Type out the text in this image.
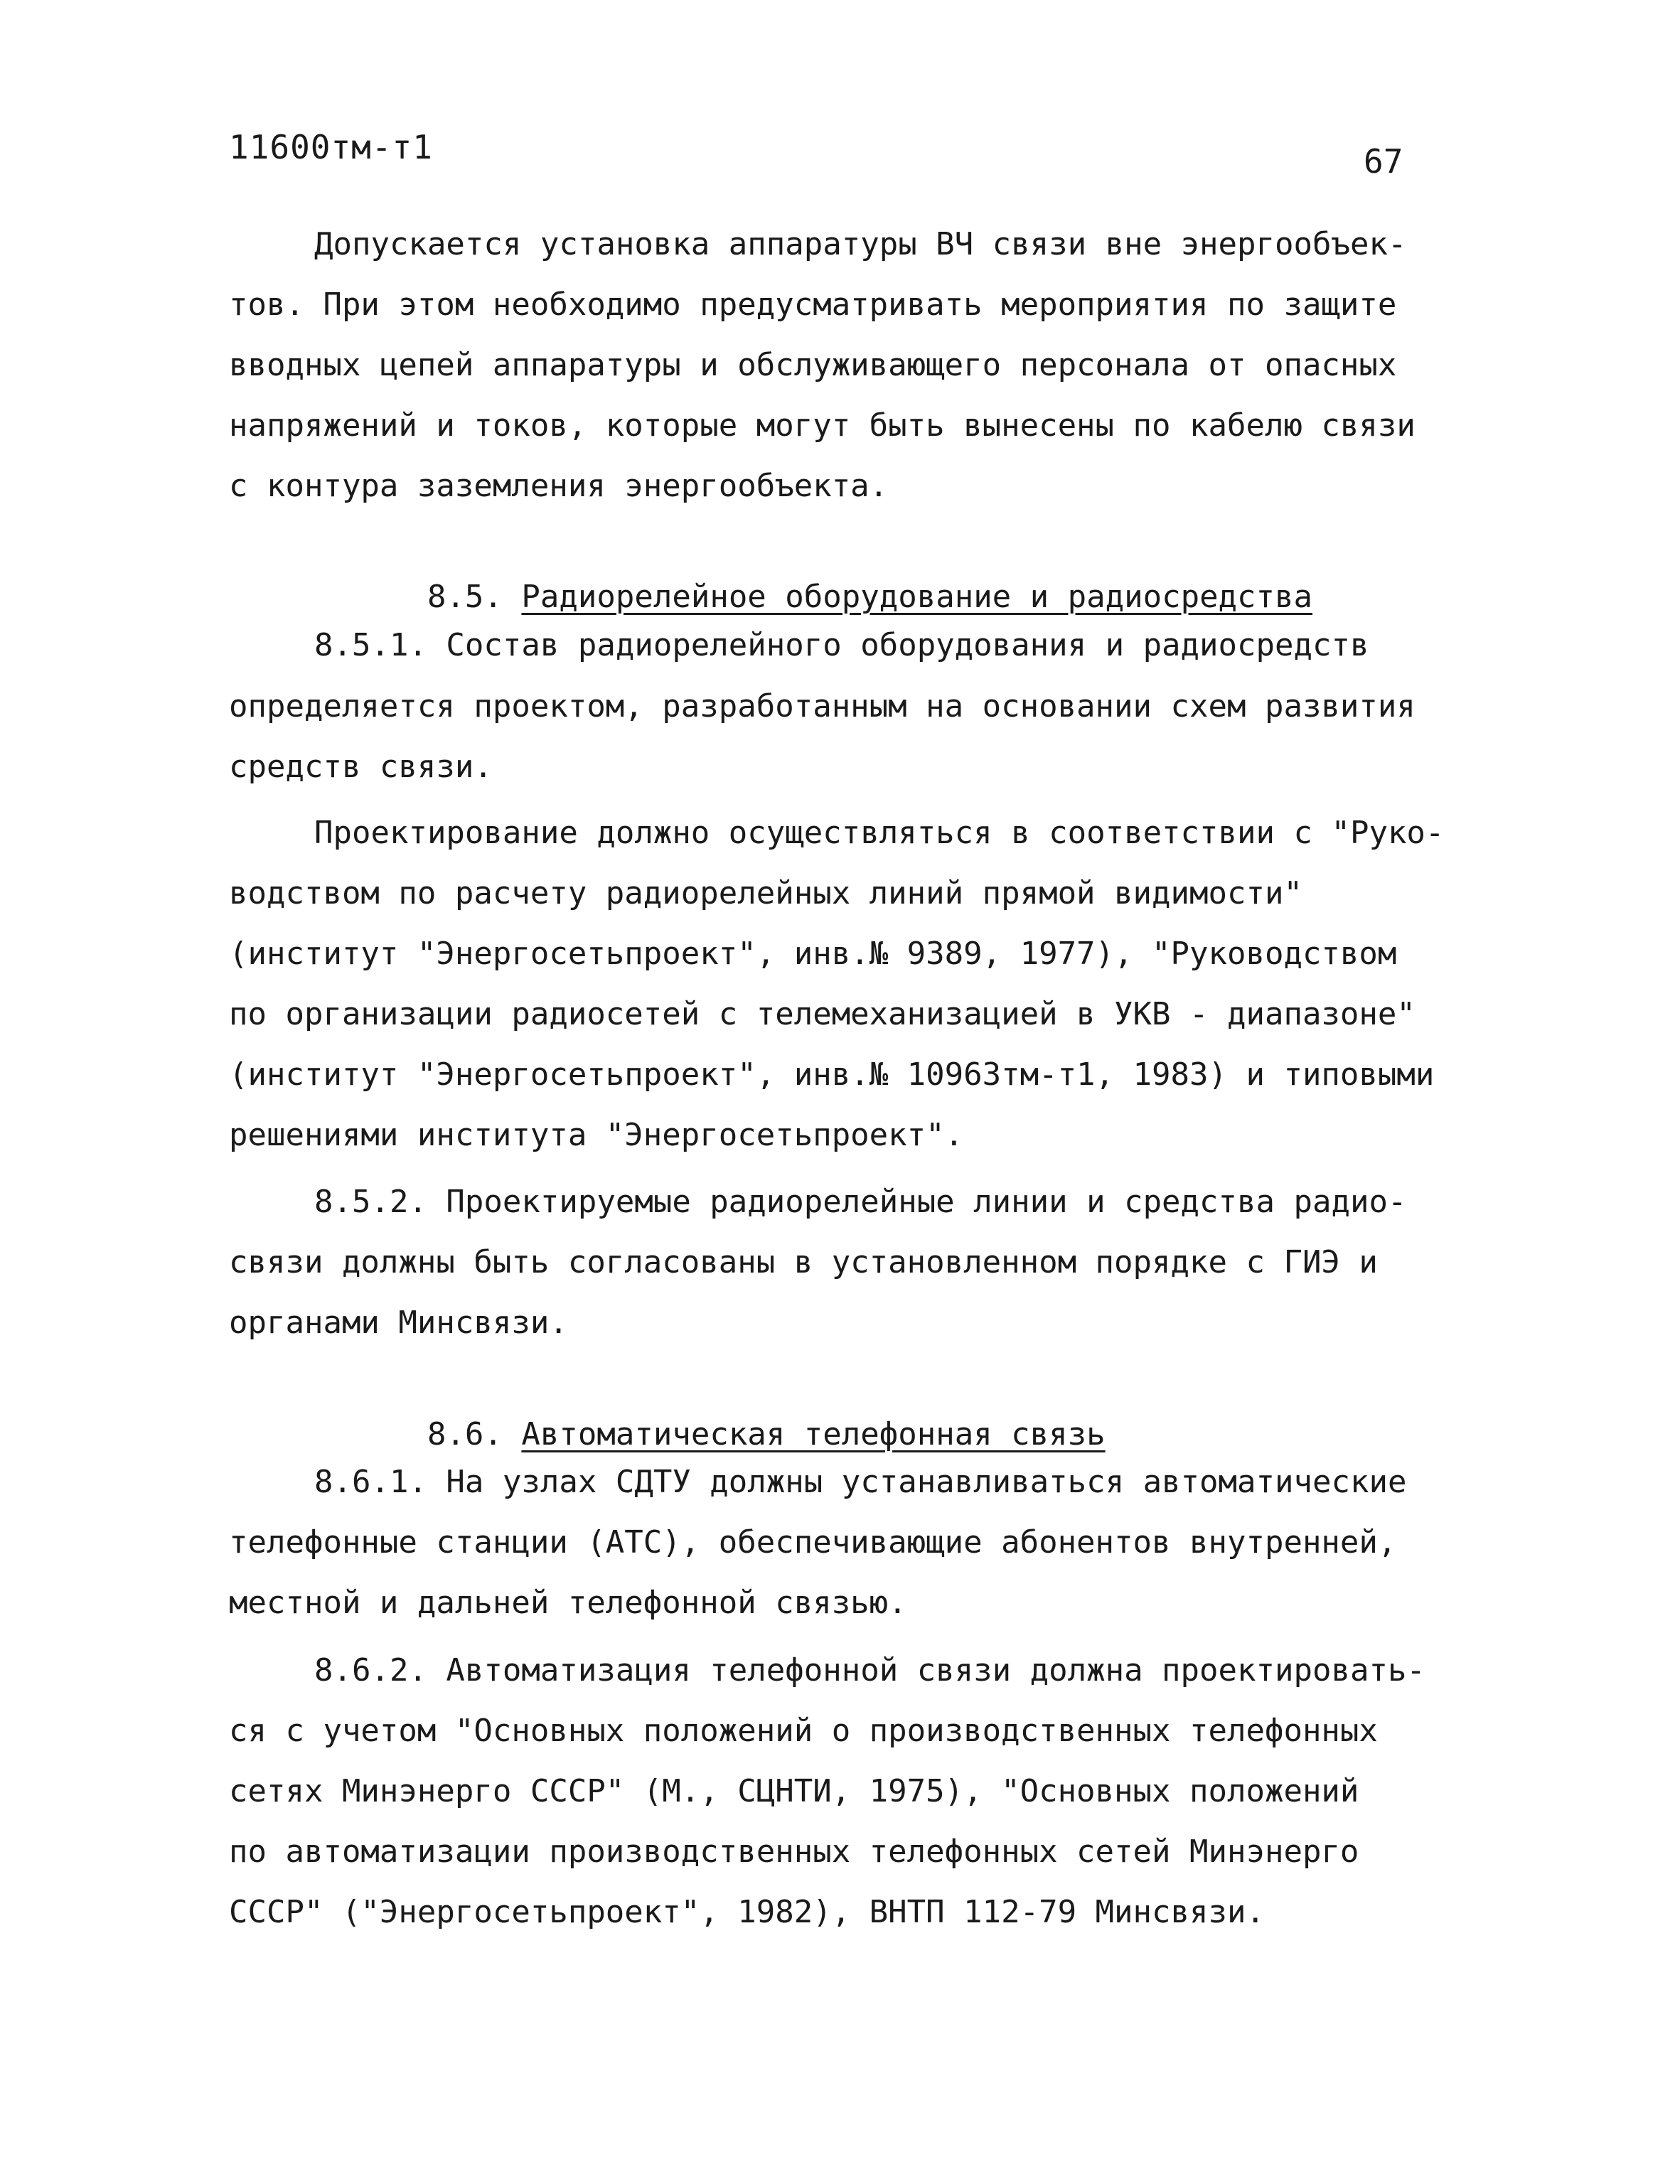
11600тм-т1	67
Допускается установка аппаратуры ВЧ связи вне энергообъек-
тов. При этом необходимо предусматривать мероприятия по защите
вводных цепей аппаратуры и обслуживающего персонала от опасных
напряжений и токов, которые могут быть вынесены по кабелю связи
с контура заземления энергообъекта.

8.5. Радиорелейное оборудование и радиосредства

8.5.1. Состав радиорелейного оборудования и радиосредств
определяется проектом, разработанным на основании схем развития
средств связи.
Проектирование должно осуществляться в соответствии с "Руко-
водством по расчету радиорелейных линий прямой видимости"
(институт "Энергосетьпроект", инв.№ 9389, 1977), "Руководством
по организации радиосетей с телемеханизацией в УКВ - диапазоне"
(институт "Энергосетьпроект", инв.№ 10963тм-т1, 1983) и типовыми
решениями института "Энергосетьпроект".
8.5.2. Проектируемые радиорелейные линии и средства радио-
связи должны быть согласованы в установленном порядке с ГИЭ и
органами Минсвязи.

8.6. Автоматическая телефонная связь

8.6.1. На узлах СДТУ должны устанавливаться автоматические
телефонные станции (АТС), обеспечивающие абонентов внутренней,
местной и дальней телефонной связью.
8.6.2. Автоматизация телефонной связи должна проектировать-
ся с учетом "Основных положений о производственных телефонных
сетях Минэнерго СССР" (М., СЦНТИ, 1975), "Основных положений
по автоматизации производственных телефонных сетей Минэнерго
СССР" ("Энергосетьпроект", 1982), ВНТП 112-79 Минсвязи.
